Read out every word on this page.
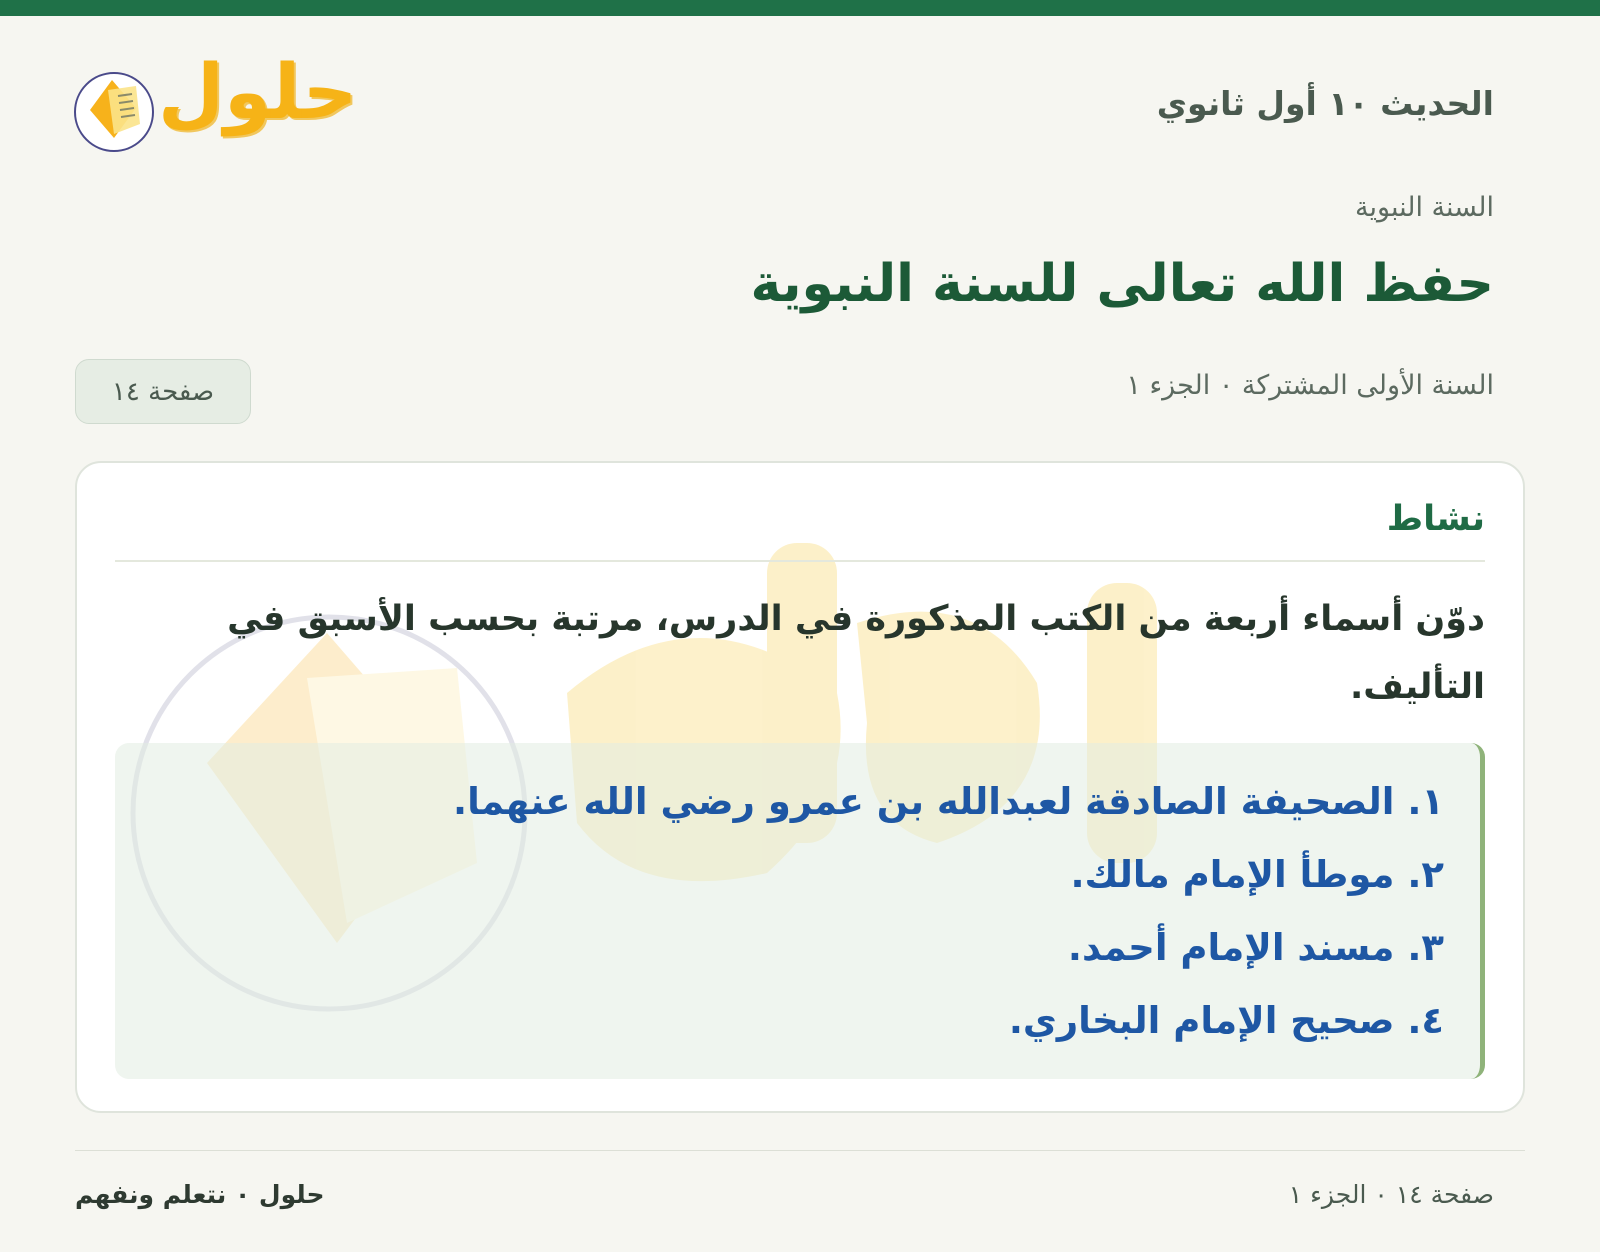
الحديث ١٠ أول ثانوي
حلول
السنة النبوية
حفظ الله تعالى للسنة النبوية
السنة الأولى المشتركة ٠ الجزء ١
صفحة ١٤
نشاط
دوّن أسماء أربعة من الكتب المذكورة في الدرس، مرتبة بحسب الأسبق في التأليف.
١. الصحيفة الصادقة لعبدالله بن عمرو رضي الله عنهما.
٢. موطأ الإمام مالك.
٣. مسند الإمام أحمد.
٤. صحيح الإمام البخاري.
حلول ٠ نتعلم ونفهم	صفحة ١٤ ٠ الجزء ١
